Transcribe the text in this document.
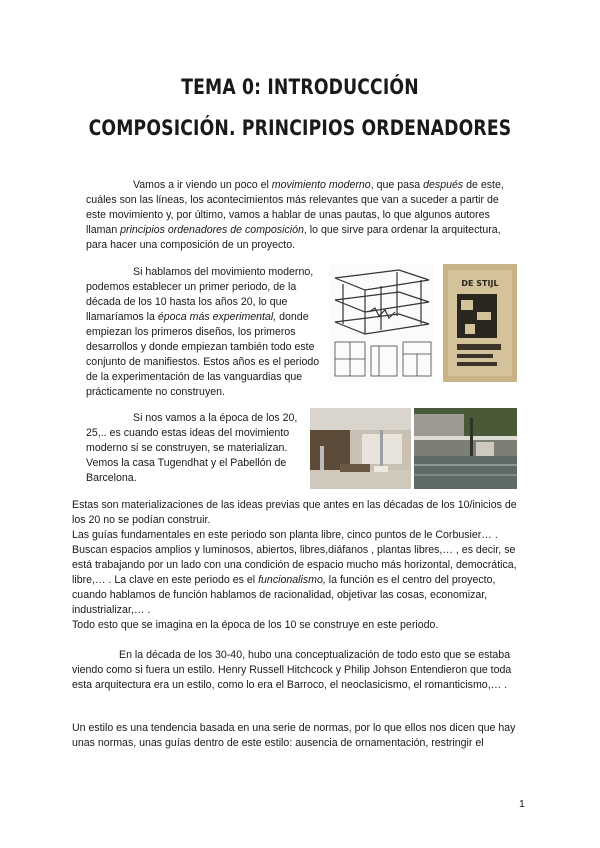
TEMA 0: INTRODUCCIÓN
COMPOSICIÓN. PRINCIPIOS ORDENADORES

Vamos a ir viendo un poco el movimiento moderno, que pasa después de este, cuáles son las líneas, los acontecimientos más relevantes que van a suceder a partir de este movimiento y, por último, vamos a hablar de unas pautas, lo que algunos autores llaman principios ordenadores de composición, lo que sirve para ordenar la arquitectura, para hacer una composición de un proyecto.

Si hablamos del movimiento moderno, podemos establecer un primer periodo, de la década de los 10 hasta los años 20, lo que llamaríamos la época más experimental, donde empiezan los primeros diseños, los primeros desarrollos y donde empiezan también todo este conjunto de manifiestos. Estos años es el periodo de la experimentación de las vanguardias que prácticamente no construyen.

DE STIJL

Si nos vamos a la época de los 20, 25,.. es cuando estas ideas del movimiento moderno si se construyen, se materializan. Vemos la casa Tugendhat y el Pabellón de Barcelona.

Estas son materializaciones de las ideas previas que antes en las décadas de los 10/inicios de los 20 no se podían construir.
Las guías fundamentales en este periodo son planta libre, cinco puntos de le Corbusier… . Buscan espacios amplios y luminosos, abiertos, libres,diáfanos , plantas libres,… , es decir, se está trabajando por un lado con una condición de espacio mucho más horizontal, democrática, libre,… . La clave en este periodo es el funcionalismo, la función es el centro del proyecto, cuando hablamos de función hablamos de racionalidad, objetivar las cosas, economizar, industrializar,… .
Todo esto que se imagina en la época de los 10 se construye en este periodo.

En la década de los 30-40, hubo una conceptualización de todo esto que se estaba viendo como si fuera un estilo. Henry Russell Hitchcock y Philip Johson Entendieron que toda esta arquitectura era un estilo, como lo era el Barroco, el neoclasicismo, el romanticismo,… .

Un estilo es una tendencia basada en una serie de normas, por lo que ellos nos dicen que hay unas normas, unas guías dentro de este estilo: ausencia de ornamentación, restringir el

1
